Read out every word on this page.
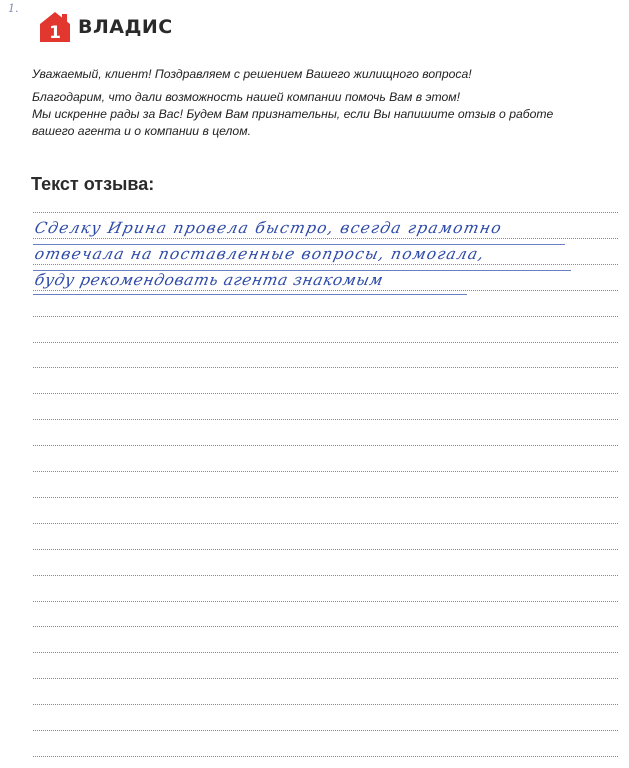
1.
1 ВЛАДИС

Уважаемый, клиент! Поздравляем с решением Вашего жилищного вопроса!

Благодарим, что дали возможность нашей компании помочь Вам в этом!
Мы искренне рады за Вас! Будем Вам признательны, если Вы напишите отзыв о работе
вашего агента и о компании в целом.

Текст отзыва:
Сделку Ирина провела быстро, всегда грамотно
отвечала на поставленные вопросы, помогала,
буду рекомендовать агента знакомым
